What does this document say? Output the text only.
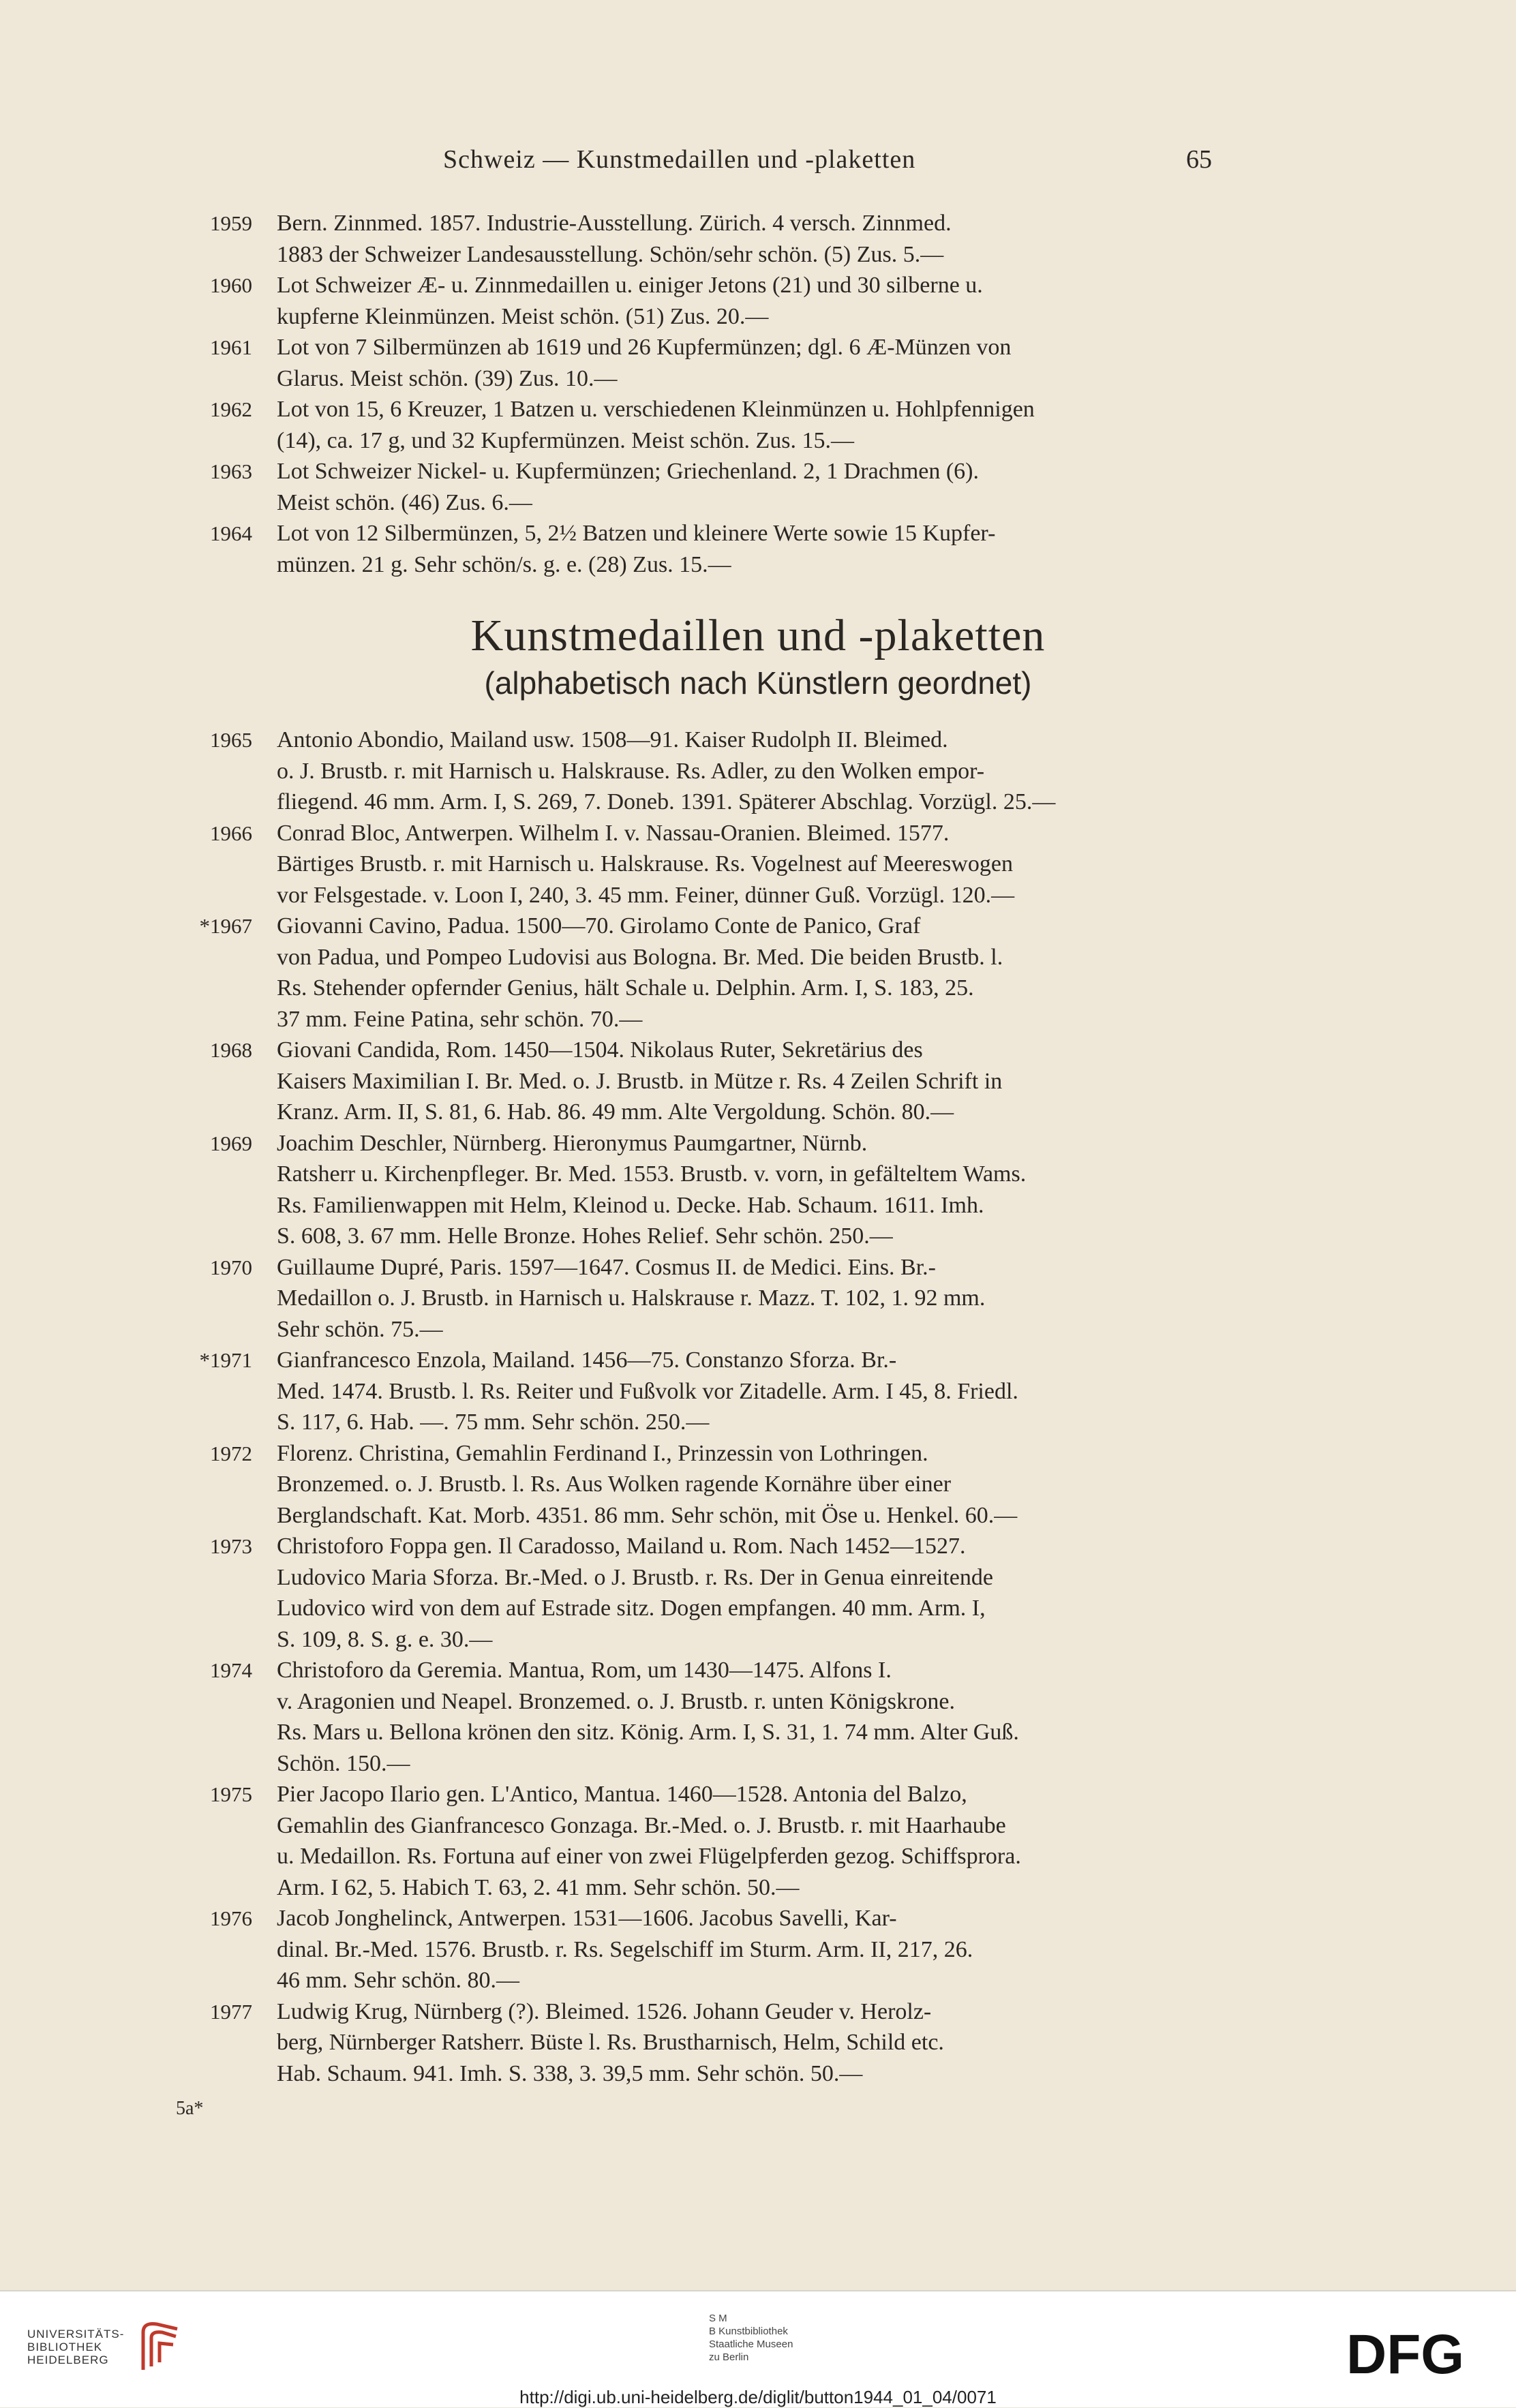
Schweiz — Kunstmedaillen und -plaketten	65
1959 Bern. Zinnmed. 1857. Industrie-Ausstellung. Zürich. 4 versch. Zinnmed.
1883 der Schweizer Landesausstellung. Schön/sehr schön. (5) Zus. 5.—
1960 Lot Schweizer Æ- u. Zinnmedaillen u. einiger Jetons (21) und 30 silberne u.
kupferne Kleinmünzen. Meist schön. (51) Zus. 20.—
1961 Lot von 7 Silbermünzen ab 1619 und 26 Kupfermünzen; dgl. 6 Æ-Münzen von
Glarus. Meist schön. (39) Zus. 10.—
1962 Lot von 15, 6 Kreuzer, 1 Batzen u. verschiedenen Kleinmünzen u. Hohlpfennigen
(14), ca. 17 g, und 32 Kupfermünzen. Meist schön. Zus. 15.—
1963 Lot Schweizer Nickel- u. Kupfermünzen; Griechenland. 2, 1 Drachmen (6).
Meist schön. (46) Zus. 6.—
1964 Lot von 12 Silbermünzen, 5, 2½ Batzen und kleinere Werte sowie 15 Kupfer-
münzen. 21 g. Sehr schön/s. g. e. (28) Zus. 15.—
Kunstmedaillen und -plaketten
(alphabetisch nach Künstlern geordnet)
1965 Antonio Abondio, Mailand usw. 1508—91. Kaiser Rudolph II. Bleimed.
o. J. Brustb. r. mit Harnisch u. Halskrause. Rs. Adler, zu den Wolken empor-
fliegend. 46 mm. Arm. I, S. 269, 7. Doneb. 1391. Späterer Abschlag. Vorzügl. 25.—
1966 Conrad Bloc, Antwerpen. Wilhelm I. v. Nassau-Oranien. Bleimed. 1577.
Bärtiges Brustb. r. mit Harnisch u. Halskrause. Rs. Vogelnest auf Meereswogen
vor Felsgestade. v. Loon I, 240, 3. 45 mm. Feiner, dünner Guß. Vorzügl. 120.—
*1967 Giovanni Cavino, Padua. 1500—70. Girolamo Conte de Panico, Graf
von Padua, und Pompeo Ludovisi aus Bologna. Br. Med. Die beiden Brustb. l.
Rs. Stehender opfernder Genius, hält Schale u. Delphin. Arm. I, S. 183, 25.
37 mm. Feine Patina, sehr schön. 70.—
1968 Giovani Candida, Rom. 1450—1504. Nikolaus Ruter, Sekretärius des
Kaisers Maximilian I. Br. Med. o. J. Brustb. in Mütze r. Rs. 4 Zeilen Schrift in
Kranz. Arm. II, S. 81, 6. Hab. 86. 49 mm. Alte Vergoldung. Schön. 80.—
1969 Joachim Deschler, Nürnberg. Hieronymus Paumgartner, Nürnb.
Ratsherr u. Kirchenpfleger. Br. Med. 1553. Brustb. v. vorn, in gefälteltem Wams.
Rs. Familienwappen mit Helm, Kleinod u. Decke. Hab. Schaum. 1611. Imh.
S. 608, 3. 67 mm. Helle Bronze. Hohes Relief. Sehr schön. 250.—
1970 Guillaume Dupré, Paris. 1597—1647. Cosmus II. de Medici. Eins. Br.-
Medaillon o. J. Brustb. in Harnisch u. Halskrause r. Mazz. T. 102, 1. 92 mm.
Sehr schön. 75.—
*1971 Gianfrancesco Enzola, Mailand. 1456—75. Constanzo Sforza. Br.-
Med. 1474. Brustb. l. Rs. Reiter und Fußvolk vor Zitadelle. Arm. I 45, 8. Friedl.
S. 117, 6. Hab. —. 75 mm. Sehr schön. 250.—
1972 Florenz. Christina, Gemahlin Ferdinand I., Prinzessin von Lothringen.
Bronzemed. o. J. Brustb. l. Rs. Aus Wolken ragende Kornähre über einer
Berglandschaft. Kat. Morb. 4351. 86 mm. Sehr schön, mit Öse u. Henkel. 60.—
1973 Christoforo Foppa gen. Il Caradosso, Mailand u. Rom. Nach 1452—1527.
Ludovico Maria Sforza. Br.-Med. o J. Brustb. r. Rs. Der in Genua einreitende
Ludovico wird von dem auf Estrade sitz. Dogen empfangen. 40 mm. Arm. I,
S. 109, 8. S. g. e. 30.—
1974 Christoforo da Geremia. Mantua, Rom, um 1430—1475. Alfons I.
v. Aragonien und Neapel. Bronzemed. o. J. Brustb. r. unten Königskrone.
Rs. Mars u. Bellona krönen den sitz. König. Arm. I, S. 31, 1. 74 mm. Alter Guß.
Schön. 150.—
1975 Pier Jacopo Ilario gen. L'Antico, Mantua. 1460—1528. Antonia del Balzo,
Gemahlin des Gianfrancesco Gonzaga. Br.-Med. o. J. Brustb. r. mit Haarhaube
u. Medaillon. Rs. Fortuna auf einer von zwei Flügelpferden gezog. Schiffsprora.
Arm. I 62, 5. Habich T. 63, 2. 41 mm. Sehr schön. 50.—
1976 Jacob Jonghelinck, Antwerpen. 1531—1606. Jacobus Savelli, Kar-
dinal. Br.-Med. 1576. Brustb. r. Rs. Segelschiff im Sturm. Arm. II, 217, 26.
46 mm. Sehr schön. 80.—
1977 Ludwig Krug, Nürnberg (?). Bleimed. 1526. Johann Geuder v. Herolz-
berg, Nürnberger Ratsherr. Büste l. Rs. Brustharnisch, Helm, Schild etc.
Hab. Schaum. 941. Imh. S. 338, 3. 39,5 mm. Sehr schön. 50.—
5a*
UNIVERSITÄTS-
BIBLIOTHEK
HEIDELBERG
S M
B Kunstbibliothek
Staatliche Museen
zu Berlin	DFG
http://digi.ub.uni-heidelberg.de/diglit/button1944_01_04/0071
